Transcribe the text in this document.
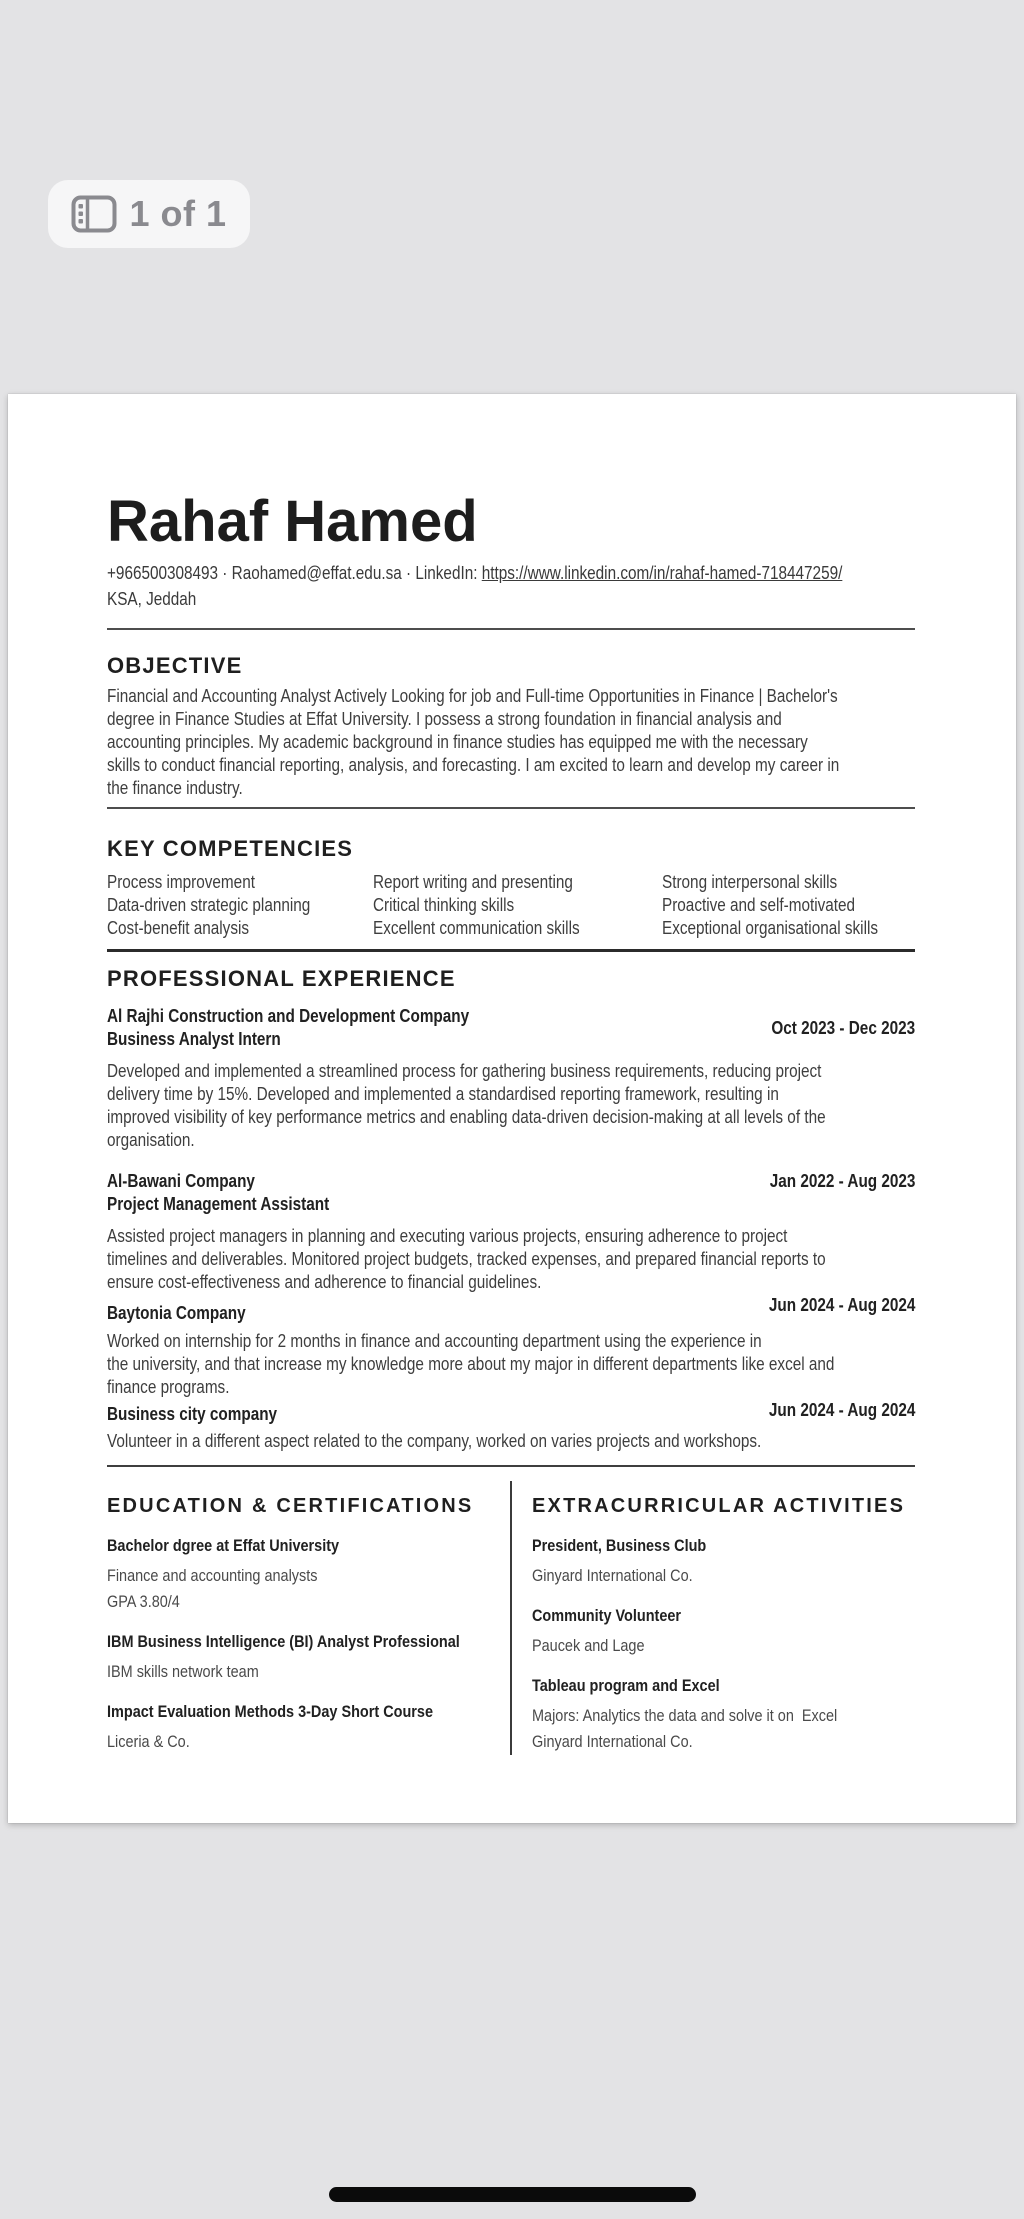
1 of 1
Rahaf Hamed
+966500308493 · Raohamed@effat.edu.sa · LinkedIn: https://www.linkedin.com/in/rahaf-hamed-718447259/
KSA, Jeddah
OBJECTIVE
Financial and Accounting Analyst Actively Looking for job and Full-time Opportunities in Finance | Bachelor's
degree in Finance Studies at Effat University. I possess a strong foundation in financial analysis and
accounting principles. My academic background in finance studies has equipped me with the necessary
skills to conduct financial reporting, analysis, and forecasting. I am excited to learn and develop my career in
the finance industry.
KEY COMPETENCIES
Process improvement	Report writing and presenting	Strong interpersonal skills
Data-driven strategic planning	Critical thinking skills	Proactive and self-motivated
Cost-benefit analysis	Excellent communication skills	Exceptional organisational skills
PROFESSIONAL EXPERIENCE
Al Rajhi Construction and Development Company
Business Analyst Intern
Oct 2023 - Dec 2023
Developed and implemented a streamlined process for gathering business requirements, reducing project
delivery time by 15%. Developed and implemented a standardised reporting framework, resulting in
improved visibility of key performance metrics and enabling data-driven decision-making at all levels of the
organisation.
Al-Bawani Company
Project Management Assistant
Jan 2022 - Aug 2023
Assisted project managers in planning and executing various projects, ensuring adherence to project
timelines and deliverables. Monitored project budgets, tracked expenses, and prepared financial reports to
ensure cost-effectiveness and adherence to financial guidelines.
Baytonia Company	Jun 2024 - Aug 2024
Worked on internship for 2 months in finance and accounting department using the experience in
the university, and that increase my knowledge more about my major in different departments like excel and
finance programs.
Business city company	Jun 2024 - Aug 2024
Volunteer in a different aspect related to the company, worked on varies projects and workshops.
EDUCATION & CERTIFICATIONS
Bachelor dgree at Effat University
Finance and accounting analysts
GPA 3.80/4
IBM Business Intelligence (BI) Analyst Professional
IBM skills network team
Impact Evaluation Methods 3-Day Short Course
Liceria & Co.
EXTRACURRICULAR ACTIVITIES
President, Business Club
Ginyard International Co.
Community Volunteer
Paucek and Lage
Tableau program and Excel
Majors: Analytics the data and solve it on  Excel
Ginyard International Co.
